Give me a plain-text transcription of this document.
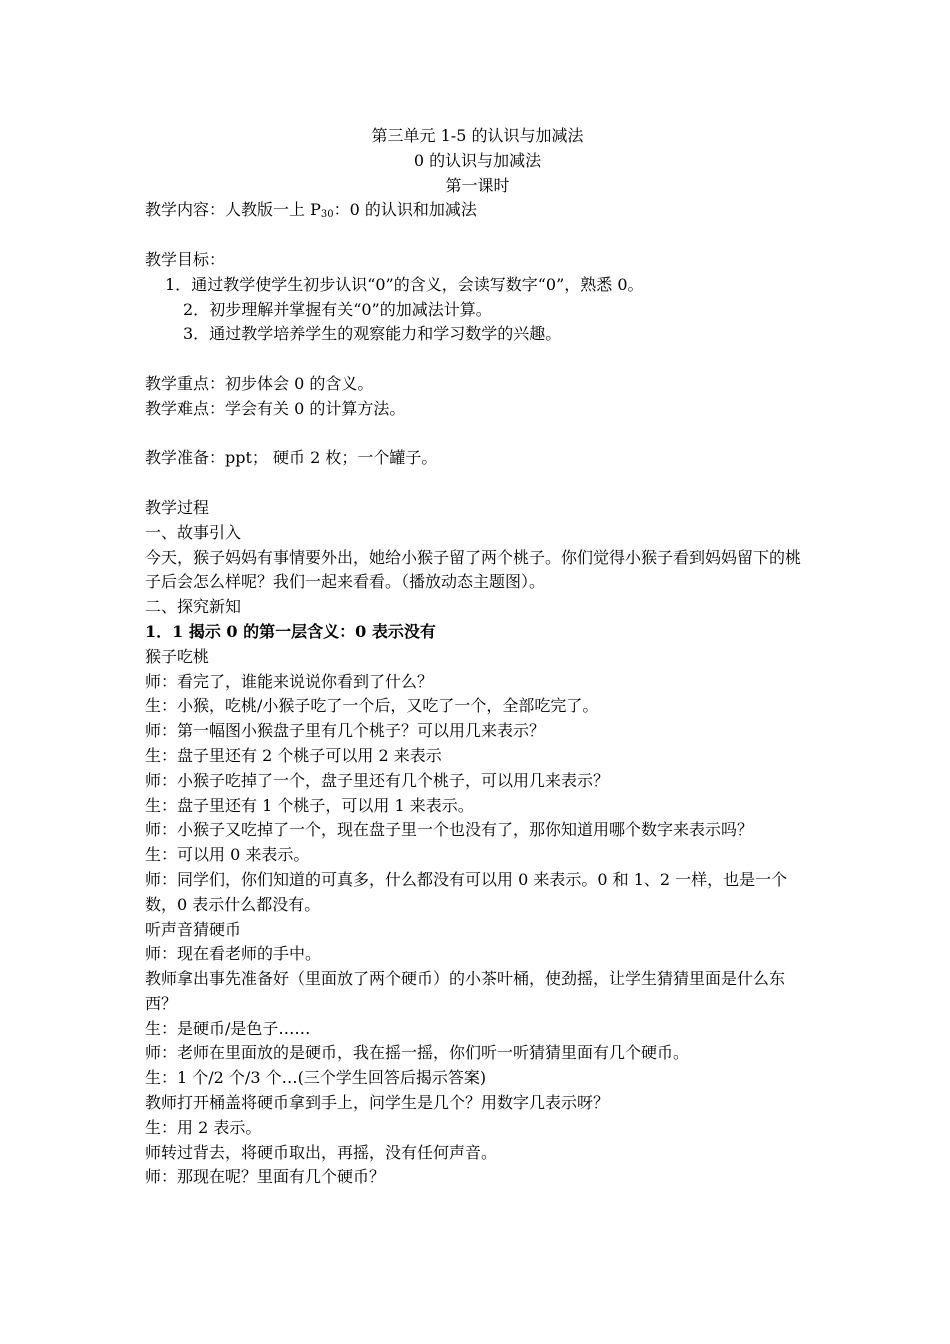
第三单元 1-5 的认识与加减法
0 的认识与加减法
第一课时
教学内容：人教版一上 $P_{30}$：0 的认识和加减法
教学目标：
1．通过教学使学生初步认识“0”的含义，会读写数字“0”，熟悉 0。
2．初步理解并掌握有关“0”的加减法计算。
3．通过教学培养学生的观察能力和学习数学的兴趣。
教学重点：初步体会 0 的含义。
教学难点：学会有关 0 的计算方法。
教学准备：ppt； 硬币 2 枚；一个罐子。
教学过程
一、故事引入
今天，猴子妈妈有事情要外出，她给小猴子留了两个桃子。你们觉得小猴子看到妈妈留下的桃子后会怎么样呢？我们一起来看看。（播放动态主题图）。
二、探究新知
1．1 揭示 0 的第一层含义：0 表示没有
猴子吃桃
师：看完了，谁能来说说你看到了什么？
生：小猴，吃桃/小猴子吃了一个后，又吃了一个，全部吃完了。
师：第一幅图小猴盘子里有几个桃子？可以用几来表示？
生：盘子里还有 2 个桃子可以用 2 来表示
师：小猴子吃掉了一个，盘子里还有几个桃子，可以用几来表示？
生：盘子里还有 1 个桃子，可以用 1 来表示。
师：小猴子又吃掉了一个，现在盘子里一个也没有了，那你知道用哪个数字来表示吗？
生：可以用 0 来表示。
师：同学们，你们知道的可真多，什么都没有可以用 0 来表示。0 和 1、2 一样，也是一个数，0 表示什么都没有。
听声音猜硬币
师：现在看老师的手中。
教师拿出事先准备好（里面放了两个硬币）的小茶叶桶，使劲摇，让学生猜猜里面是什么东西？
生：是硬币/是色子……
师：老师在里面放的是硬币，我在摇一摇，你们听一听猜猜里面有几个硬币。
生：1 个/2 个/3 个…(三个学生回答后揭示答案)
教师打开桶盖将硬币拿到手上，问学生是几个？用数字几表示呀？
生：用 2 表示。
师转过背去，将硬币取出，再摇，没有任何声音。
师：那现在呢？里面有几个硬币？
